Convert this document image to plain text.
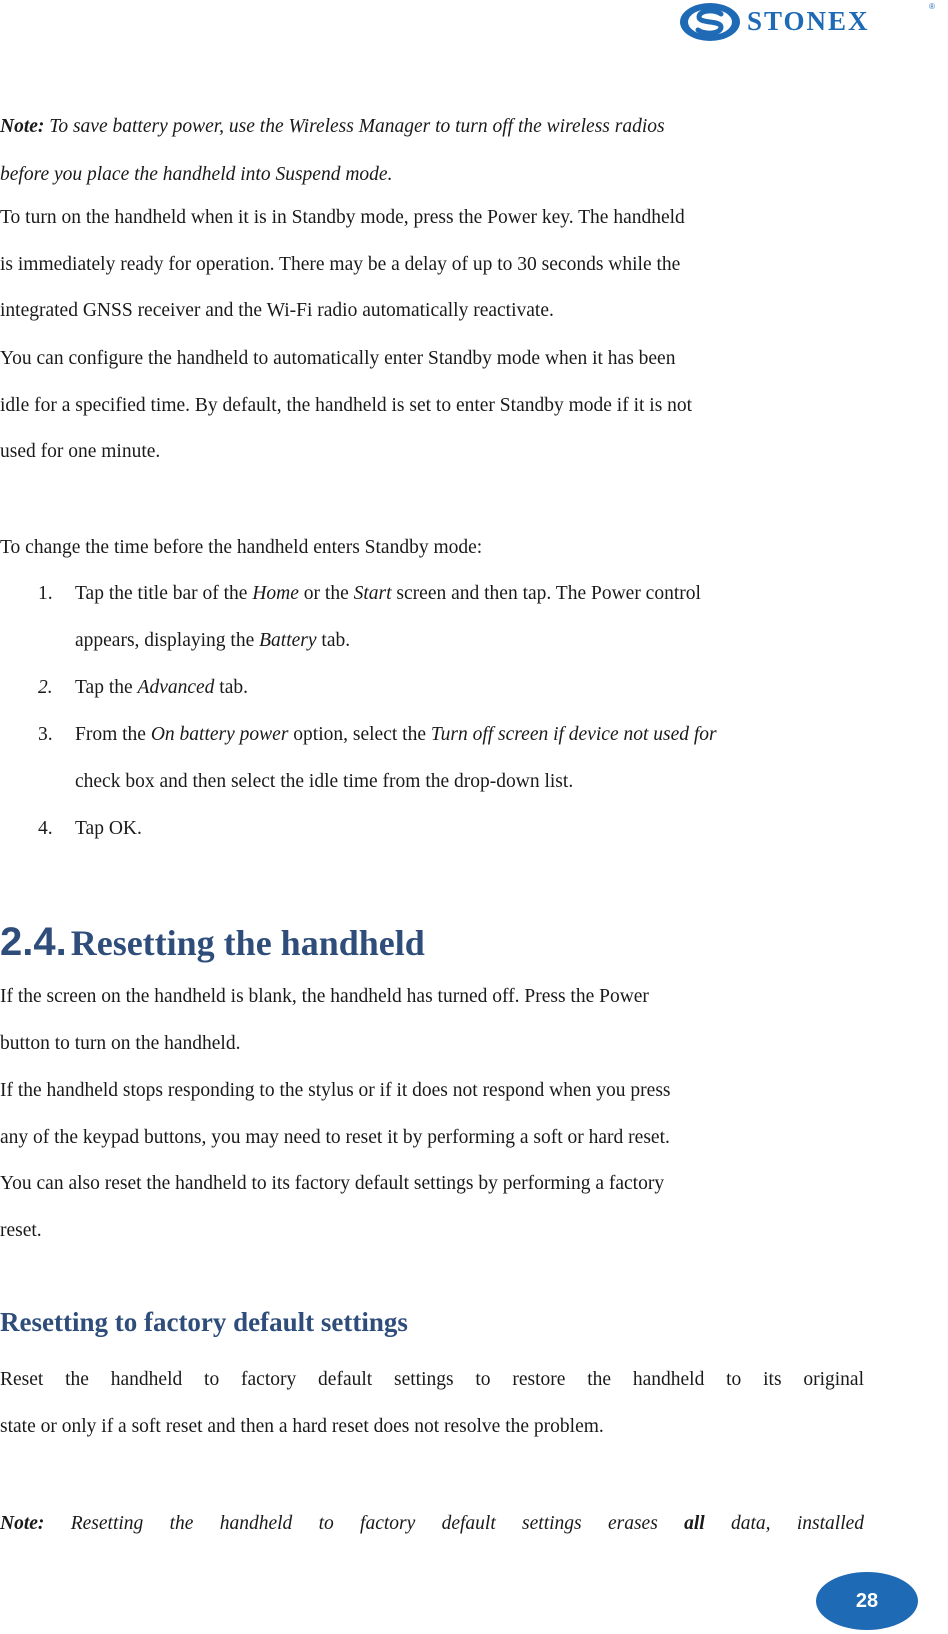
STONEX	®
Note: To save battery power, use the Wireless Manager to turn off the wireless radios
before you place the handheld into Suspend mode.
To turn on the handheld when it is in Standby mode, press the Power key. The handheld
is immediately ready for operation. There may be a delay of up to 30 seconds while the
integrated GNSS receiver and the Wi-Fi radio automatically reactivate.
You can configure the handheld to automatically enter Standby mode when it has been
idle for a specified time. By default, the handheld is set to enter Standby mode if it is not
used for one minute.
To change the time before the handheld enters Standby mode:
1. Tap the title bar of the Home or the Start screen and then tap. The Power control
appears, displaying the Battery tab.
2. Tap the Advanced tab.
3. From the On battery power option, select the Turn off screen if device not used for
check box and then select the idle time from the drop-down list.
4. Tap OK.
2.4. Resetting the handheld
If the screen on the handheld is blank, the handheld has turned off. Press the Power
button to turn on the handheld.
If the handheld stops responding to the stylus or if it does not respond when you press
any of the keypad buttons, you may need to reset it by performing a soft or hard reset.
You can also reset the handheld to its factory default settings by performing a factory
reset.
Resetting to factory default settings
Reset the handheld to factory default settings to restore the handheld to its original
state or only if a soft reset and then a hard reset does not resolve the problem.
Note: Resetting the handheld to factory default settings erases all data, installed
28
